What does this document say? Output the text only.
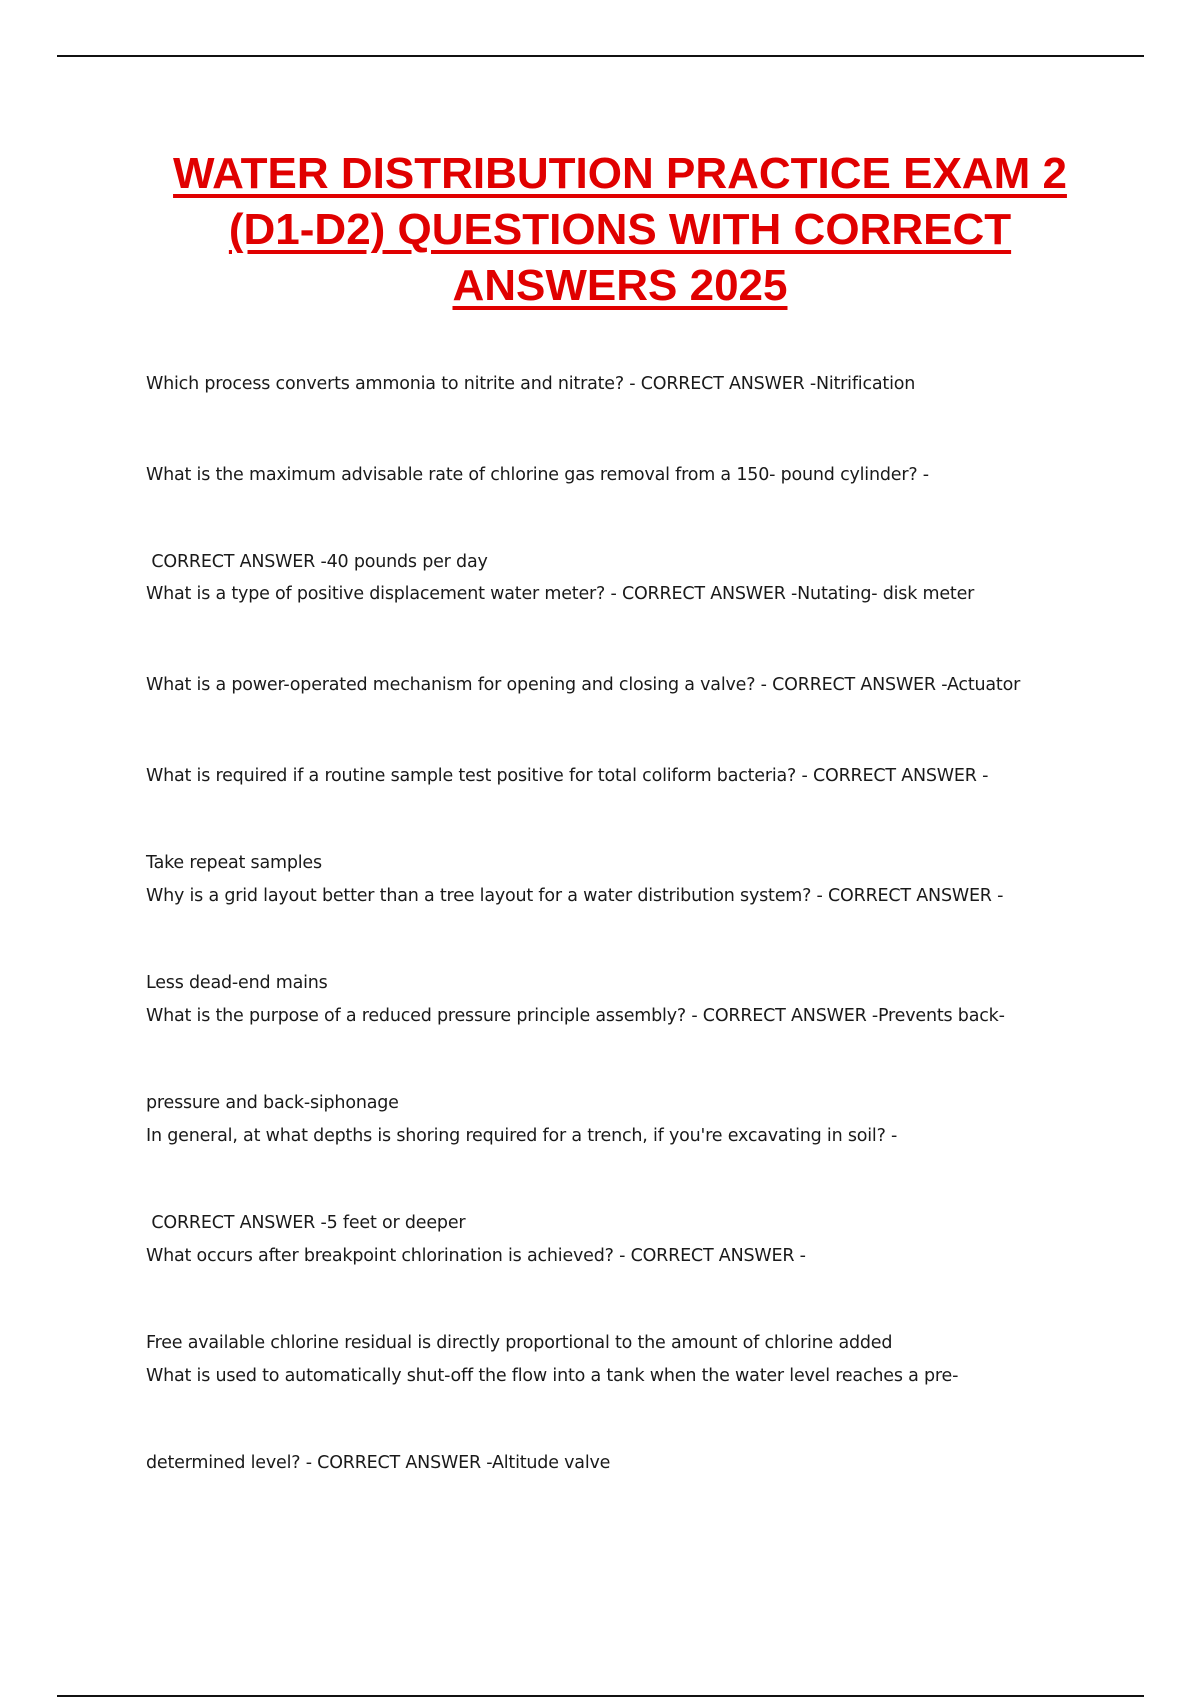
WATER DISTRIBUTION PRACTICE EXAM 2 (D1-D2) QUESTIONS WITH CORRECT ANSWERS 2025

Which process converts ammonia to nitrite and nitrate? - CORRECT ANSWER -Nitrification

What is the maximum advisable rate of chlorine gas removal from a 150- pound cylinder? -

CORRECT ANSWER -40 pounds per day

What is a type of positive displacement water meter? - CORRECT ANSWER -Nutating- disk meter

What is a power-operated mechanism for opening and closing a valve? - CORRECT ANSWER -Actuator

What is required if a routine sample test positive for total coliform bacteria? - CORRECT ANSWER -

Take repeat samples

Why is a grid layout better than a tree layout for a water distribution system? - CORRECT ANSWER -

Less dead-end mains

What is the purpose of a reduced pressure principle assembly? - CORRECT ANSWER -Prevents back-

pressure and back-siphonage

In general, at what depths is shoring required for a trench, if you're excavating in soil? -

CORRECT ANSWER -5 feet or deeper

What occurs after breakpoint chlorination is achieved? - CORRECT ANSWER -

Free available chlorine residual is directly proportional to the amount of chlorine added

What is used to automatically shut-off the flow into a tank when the water level reaches a pre-

determined level? - CORRECT ANSWER -Altitude valve
